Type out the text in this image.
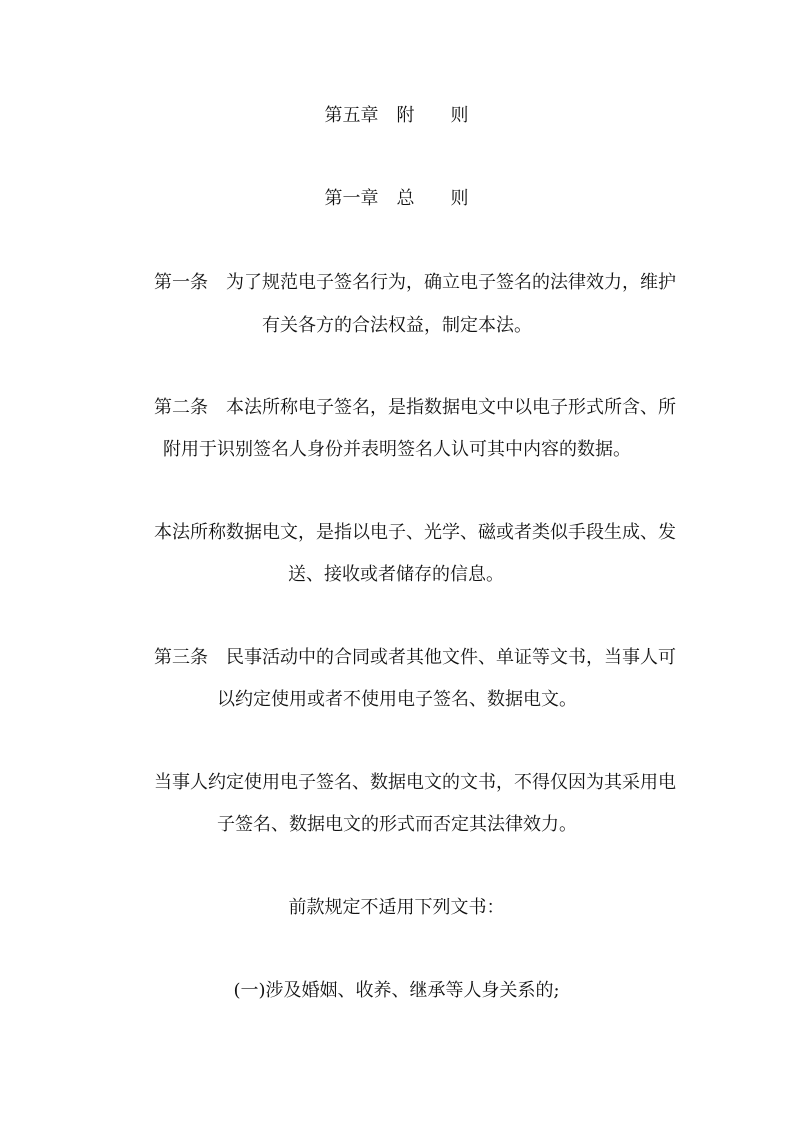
第五章　附　　则
第一章　总　　则
第一条　为了规范电子签名行为，确立电子签名的法律效力，维护
有关各方的合法权益，制定本法。
第二条　本法所称电子签名，是指数据电文中以电子形式所含、所
附用于识别签名人身份并表明签名人认可其中内容的数据。
本法所称数据电文，是指以电子、光学、磁或者类似手段生成、发
送、接收或者储存的信息。
第三条　民事活动中的合同或者其他文件、单证等文书，当事人可
以约定使用或者不使用电子签名、数据电文。
当事人约定使用电子签名、数据电文的文书，不得仅因为其采用电
子签名、数据电文的形式而否定其法律效力。
前款规定不适用下列文书：
(一)涉及婚姻、收养、继承等人身关系的;
